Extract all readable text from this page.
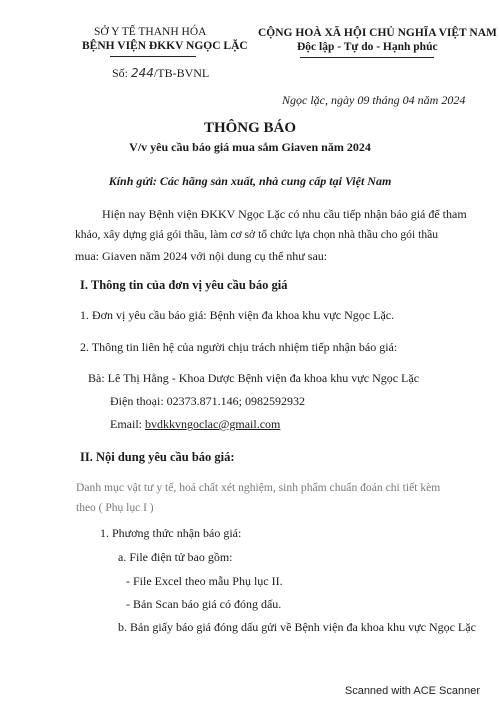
SỞ Y TẾ THANH HÓA
BỆNH VIỆN ĐKKV NGỌC LẶC
Số: 244/TB-BVNL
CỘNG HOÀ XÃ HỘI CHỦ NGHĨA VIỆT NAM
Độc lập - Tự do - Hạnh phúc
Ngọc lặc, ngày 09 tháng 04 năm 2024
THÔNG BÁO
V/v yêu cầu báo giá mua sắm Giaven năm 2024
Kính gửi: Các hãng sản xuất, nhà cung cấp tại Việt Nam
Hiện nay Bệnh viện ĐKKV Ngọc Lặc có nhu cầu tiếp nhận báo giá để tham
khảo, xây dựng giá gói thầu, làm cơ sở tổ chức lựa chọn nhà thầu cho gói thầu
mua: Giaven năm 2024 với nội dung cụ thể như sau:
I. Thông tin của đơn vị yêu cầu báo giá
1. Đơn vị yêu cầu báo giá: Bệnh viện đa khoa khu vực Ngọc Lặc.
2. Thông tin liên hệ của người chịu trách nhiệm tiếp nhận báo giá:
Bà: Lê Thị Hằng - Khoa Dược Bệnh viện đa khoa khu vực Ngọc Lặc
Điện thoại: 02373.871.146; 0982592932
Email: bvdkkvngoclac@gmail.com
II. Nội dung yêu cầu báo giá:
Danh mục vật tư y tế, hoá chất xét nghiệm, sinh phẩm chuẩn đoán chi tiết kèm
theo ( Phụ lục I )
1. Phương thức nhận báo giá:
a. File điện tử bao gồm:
- File Excel theo mẫu Phụ lục II.
- Bản Scan báo giá có đóng dấu.
b. Bản giấy báo giá đóng dấu gửi về Bệnh viện đa khoa khu vực Ngọc Lặc
Scanned with ACE Scanner
